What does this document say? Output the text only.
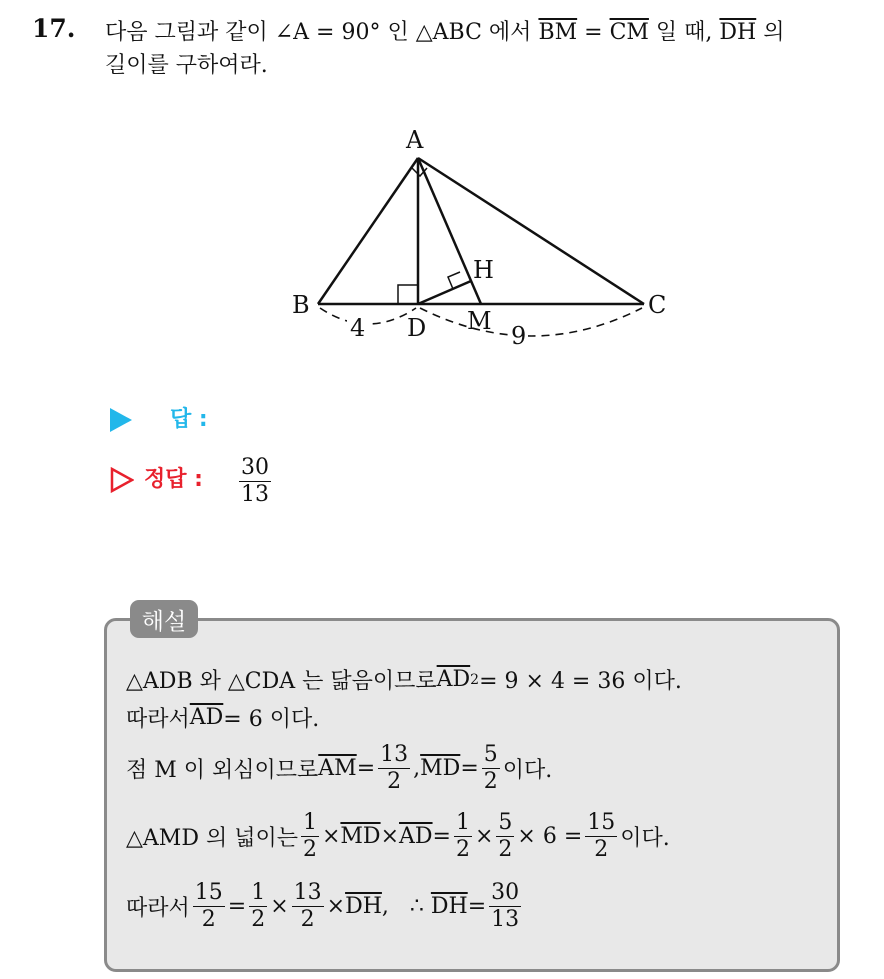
17. 다음 그림과 같이 ∠A = 90° 인 △ABC 에서 $\overline{BM} = \overline{CM}$ 일 때, $\overline{DH}$ 의
길이를 구하여라.
A
B	C
D M
H
4	9
답 :
정답 : $\frac{30}{13}$
해설
△ADB 와 △CDA 는 닮음이므로 $\overline{AD}$ 2 = 9 × 4 = 36 이다.
따라서 $\overline{AD} = 6$ 이다.
점 M 이 외심이므로 $\overline{AM} = \frac{13}{2}$ , $\overline{MD} = \frac{5}{2}$ 이다.
△AMD 의 넓이는 $\frac{1}{2} \times \overline{MD} \times \overline{AD} = \frac{1}{2} \times \frac{5}{2} \times 6 = \frac{15}{2}$ 이다.
따라서 $\frac{15}{2} = \frac{1}{2} \times \frac{13}{2} \times \overline{DH}$ ,   ∴ $\overline{DH} = \frac{30}{13}$
